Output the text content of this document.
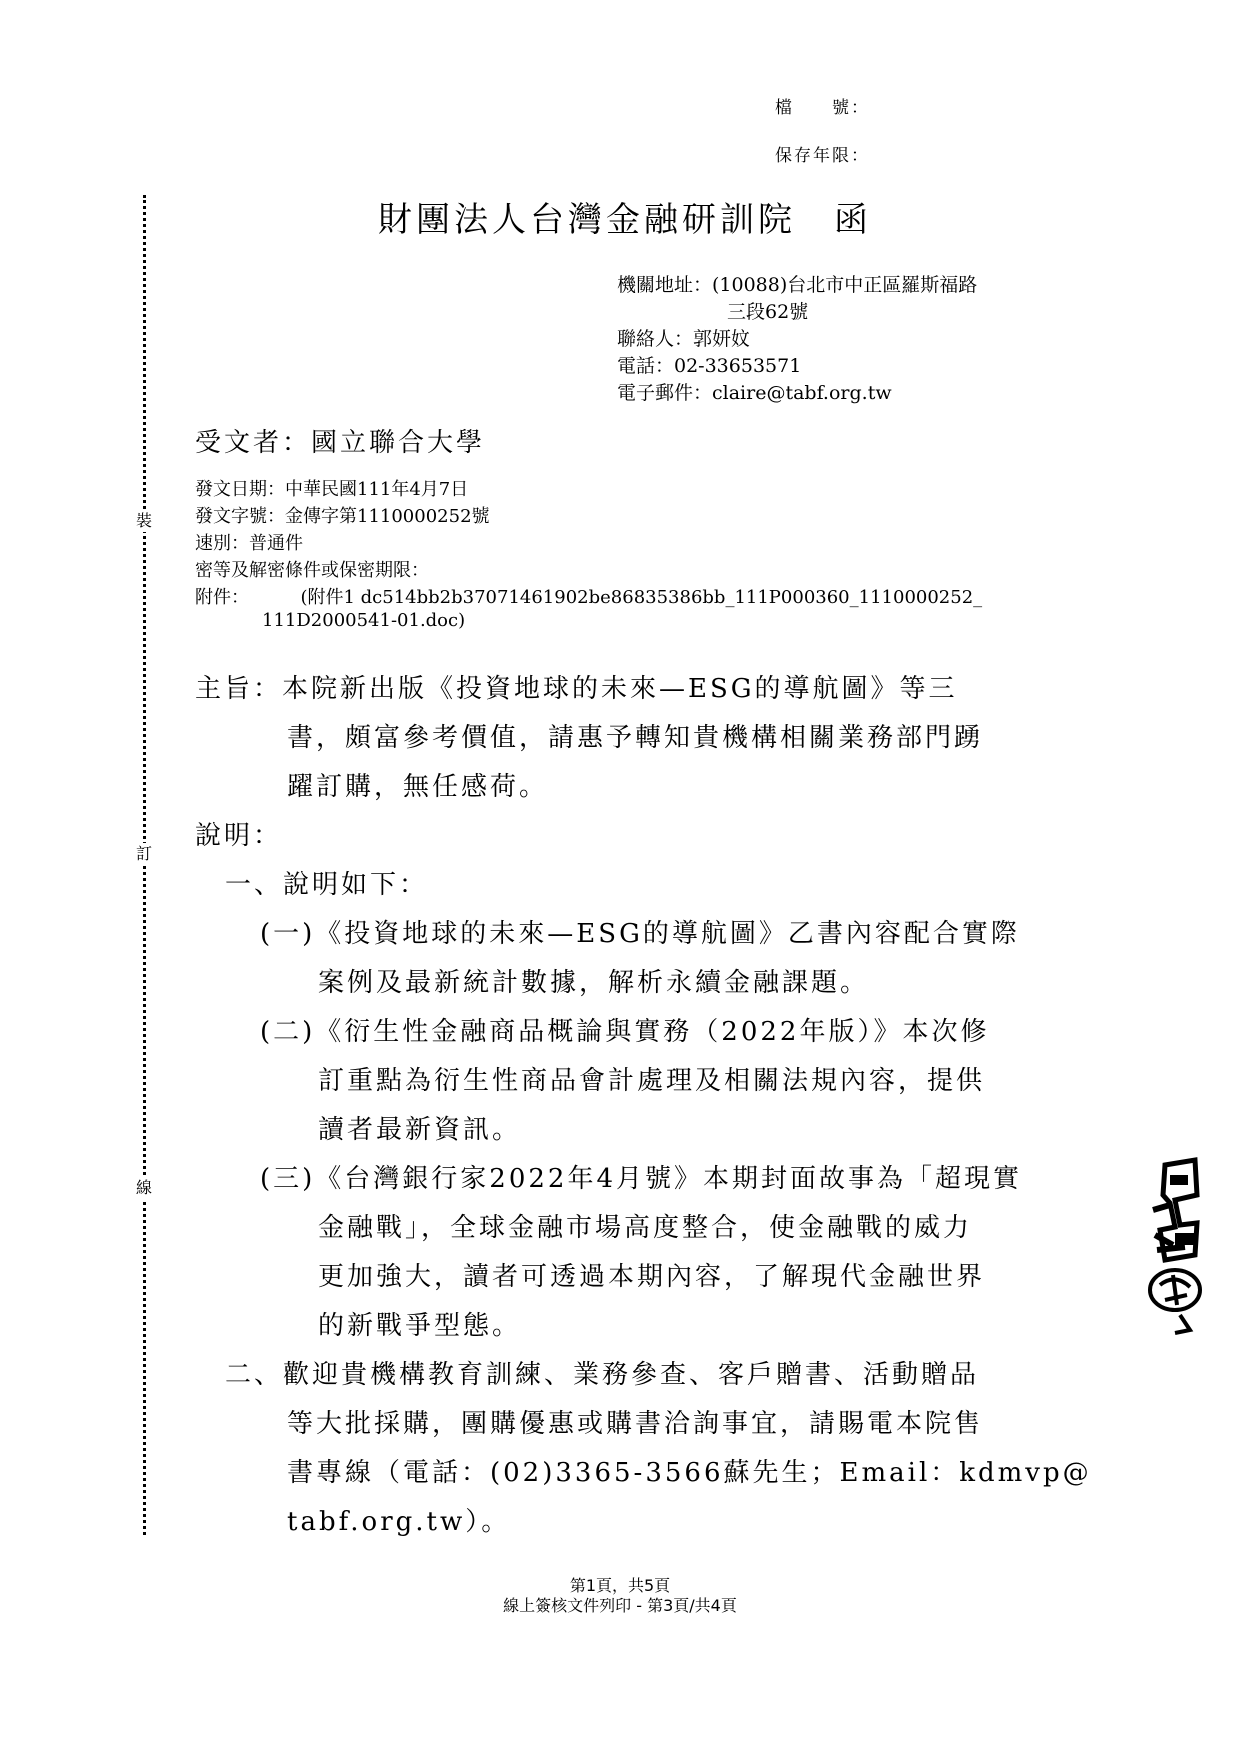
檔　　號：
保存年限：
財團法人台灣金融研訓院　函
機關地址：(10088)台北市中正區羅斯福路
三段62號
聯絡人：郭妍妏
電話：02-33653571
電子郵件：claire@tabf.org.tw
受文者：國立聯合大學
發文日期：中華民國111年4月7日
發文字號：金傳字第1110000252號
速別：普通件
密等及解密條件或保密期限：
附件：	(附件1 dc514bb2b37071461902be86835386bb_111P000360_1110000252_
111D2000541-01.doc)
主旨：本院新出版《投資地球的未來—ESG的導航圖》等三
書，頗富參考價值，請惠予轉知貴機構相關業務部門踴
躍訂購，無任感荷。
說明：
一、說明如下：
(一)《投資地球的未來—ESG的導航圖》乙書內容配合實際
案例及最新統計數據，解析永續金融課題。
(二)《衍生性金融商品概論與實務（2022年版）》本次修
訂重點為衍生性商品會計處理及相關法規內容，提供
讀者最新資訊。
(三)《台灣銀行家2022年4月號》本期封面故事為「超現實
金融戰」，全球金融市場高度整合，使金融戰的威力
更加強大，讀者可透過本期內容，了解現代金融世界
的新戰爭型態。
二、歡迎貴機構教育訓練、業務參查、客戶贈書、活動贈品
等大批採購，團購優惠或購書洽詢事宜，請賜電本院售
書專線（電話：(02)3365-3566蘇先生；Email：kdmvp@
tabf.org.tw）。
裝
訂
線
第1頁，共5頁
線上簽核文件列印 - 第3頁/共4頁
